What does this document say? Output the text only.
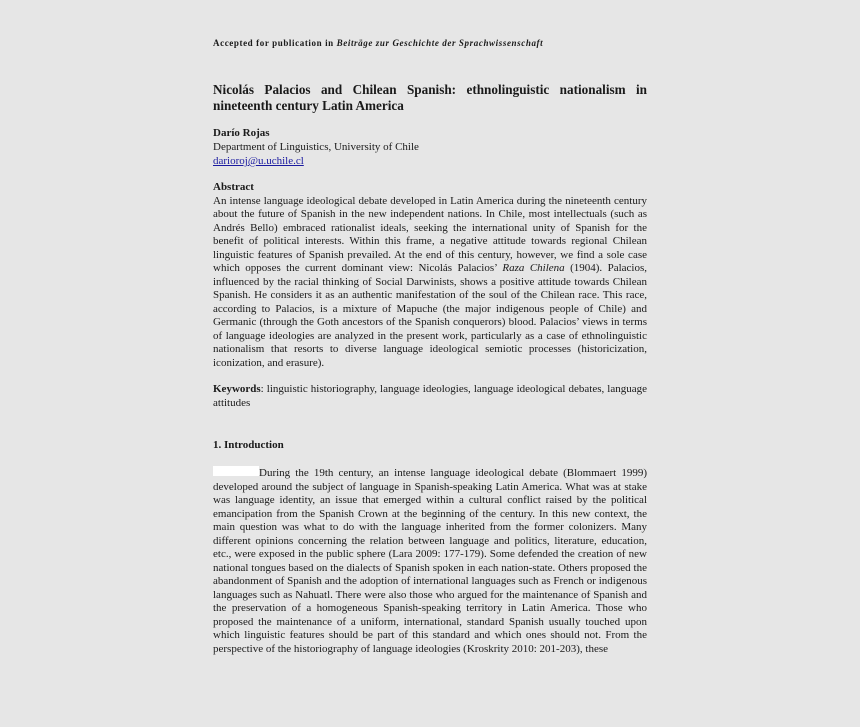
Accepted for publication in Beiträge zur Geschichte der Sprachwissenschaft
Nicolás Palacios and Chilean Spanish: ethnolinguistic nationalism in nineteenth century Latin America
Darío Rojas
Department of Linguistics, University of Chile
darioroj@u.uchile.cl
Abstract

An intense language ideological debate developed in Latin America during the nineteenth century about the future of Spanish in the new independent nations. In Chile, most intellectuals (such as Andrés Bello) embraced rationalist ideals, seeking the international unity of Spanish for the benefit of political interests. Within this frame, a negative attitude towards regional Chilean linguistic features of Spanish prevailed. At the end of this century, however, we find a sole case which opposes the current dominant view: Nicolás Palacios’ Raza Chilena (1904). Palacios, influenced by the racial thinking of Social Darwinists, shows a positive attitude towards Chilean Spanish. He considers it as an authentic manifestation of the soul of the Chilean race. This race, according to Palacios, is a mixture of Mapuche (the major indigenous people of Chile) and Germanic (through the Goth ancestors of the Spanish conquerors) blood. Palacios’ views in terms of language ideologies are analyzed in the present work, particularly as a case of ethnolinguistic nationalism that resorts to diverse language ideological semiotic processes (historicization, iconization, and erasure).

Keywords: linguistic historiography, language ideologies, language ideological debates, language attitudes

1. Introduction

During the 19th century, an intense language ideological debate (Blommaert 1999) developed around the subject of language in Spanish-speaking Latin America. What was at stake was language identity, an issue that emerged within a cultural conflict raised by the political emancipation from the Spanish Crown at the beginning of the century. In this new context, the main question was what to do with the language inherited from the former colonizers. Many different opinions concerning the relation between language and politics, literature, education, etc., were exposed in the public sphere (Lara 2009: 177-179). Some defended the creation of new national tongues based on the dialects of Spanish spoken in each nation-state. Others proposed the abandonment of Spanish and the adoption of international languages such as French or indigenous languages such as Nahuatl. There were also those who argued for the maintenance of Spanish and the preservation of a homogeneous Spanish-speaking territory in Latin America. Those who proposed the maintenance of a uniform, international, standard Spanish usually touched upon which linguistic features should be part of this standard and which ones should not. From the perspective of the historiography of language ideologies (Kroskrity 2010: 201-203), these
